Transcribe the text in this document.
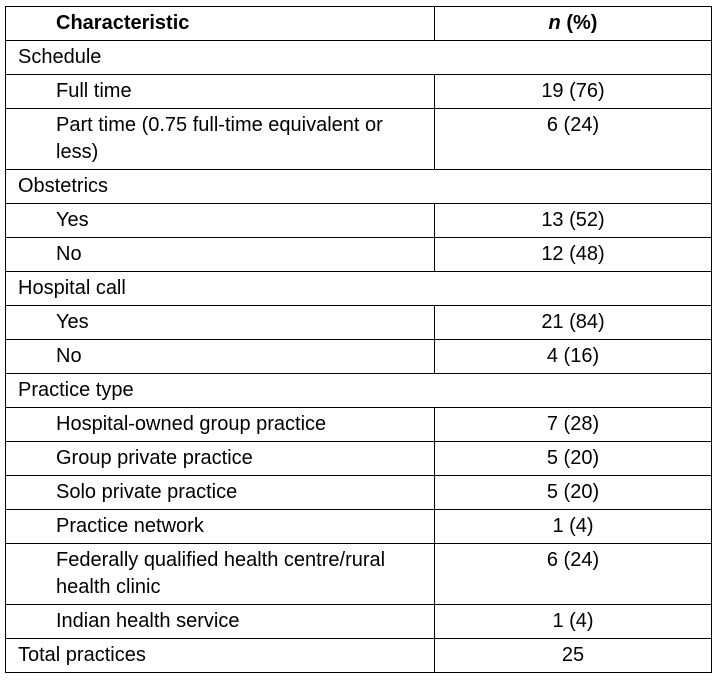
Characteristic	n (%)
Schedule	
Full time	19 (76)
Part time (0.75 full-time equivalent or less)	6 (24)
Obstetrics	
Yes	13 (52)
No	12 (48)
Hospital call	
Yes	21 (84)
No	4 (16)
Practice type	
Hospital-owned group practice	7 (28)
Group private practice	5 (20)
Solo private practice	5 (20)
Practice network	1 (4)
Federally qualified health centre/rural health clinic	6 (24)
Indian health service	1 (4)
Total practices	25
